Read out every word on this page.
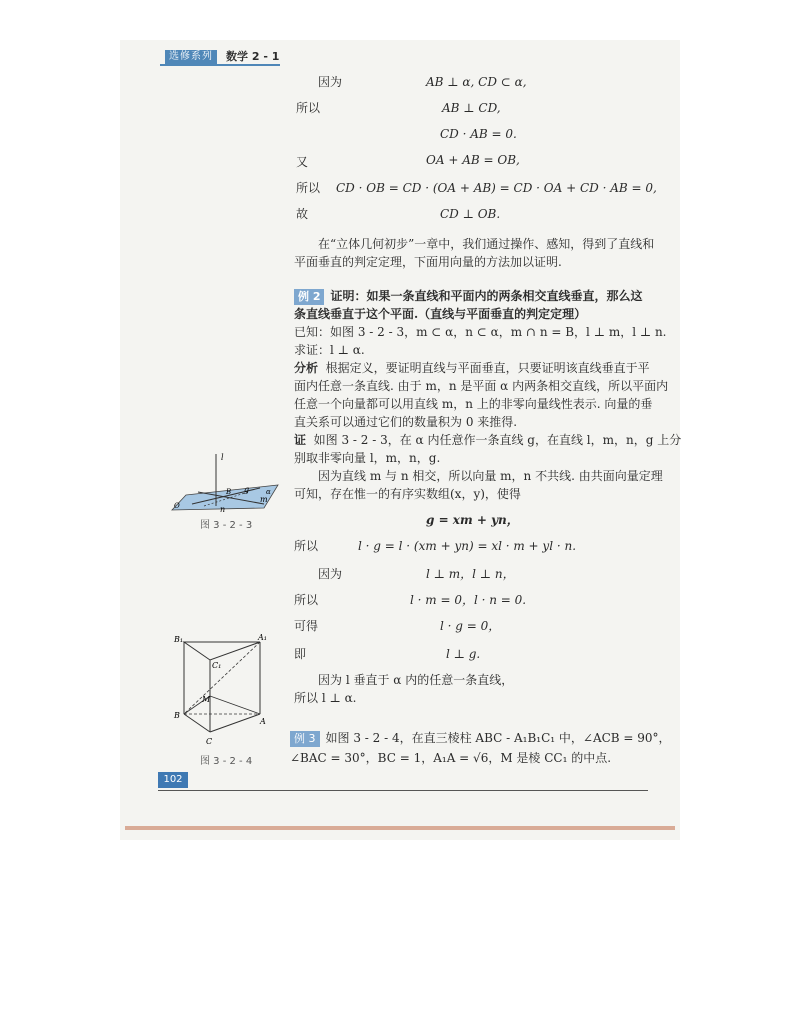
选修系列	数学 2 - 1
因为	AB ⊥ α, CD ⊂ α,
所以	AB ⊥ CD,
CD · AB = 0.
又	OA + AB = OB,
所以 CD · OB = CD · (OA + AB) = CD · OA + CD · AB = 0,
故	CD ⊥ OB.
在“立体几何初步”一章中，我们通过操作、感知，得到了直线和
平面垂直的判定定理，下面用向量的方法加以证明.
例 2 证明：如果一条直线和平面内的两条相交直线垂直，那么这
条直线垂直于这个平面.（直线与平面垂直的判定定理）
已知：如图 3 - 2 - 3，m ⊂ α，n ⊂ α，m ∩ n = B，l ⊥ m，l ⊥ n.
求证：l ⊥ α.
分析 根据定义，要证明直线与平面垂直，只要证明该直线垂直于平
面内任意一条直线. 由于 m，n 是平面 α 内两条相交直线，所以平面内
任意一个向量都可以用直线 m，n 上的非零向量线性表示. 向量的垂
直关系可以通过它们的数量积为 0 来推得.
证 如图 3 - 2 - 3，在 α 内任意作一条直线 g，在直线 l，m，n，g 上分
别取非零向量 l，m，n，g.
因为直线 m 与 n 相交，所以向量 m，n 不共线. 由共面向量定理
可知，存在惟一的有序实数组(x，y)，使得
g = xm + yn，
所以	l · g = l · (xm + yn) = xl · m + yl · n.
因为	l ⊥ m，l ⊥ n，
所以	l · m = 0，l · n = 0.
可得	l · g = 0，
即	l ⊥ g.
因为 l 垂直于 α 内的任意一条直线，
所以 l ⊥ α.
例 3 如图 3 - 2 - 4，在直三棱柱 ABC - A₁B₁C₁ 中，∠ACB = 90°，
∠BAC = 30°，BC = 1，A₁A = √6，M 是棱 CC₁ 的中点.
l
m
n
g
B
O
α
图 3 - 2 - 3
B₁	A₁
C₁
M
B
A
C
图 3 - 2 - 4
102
